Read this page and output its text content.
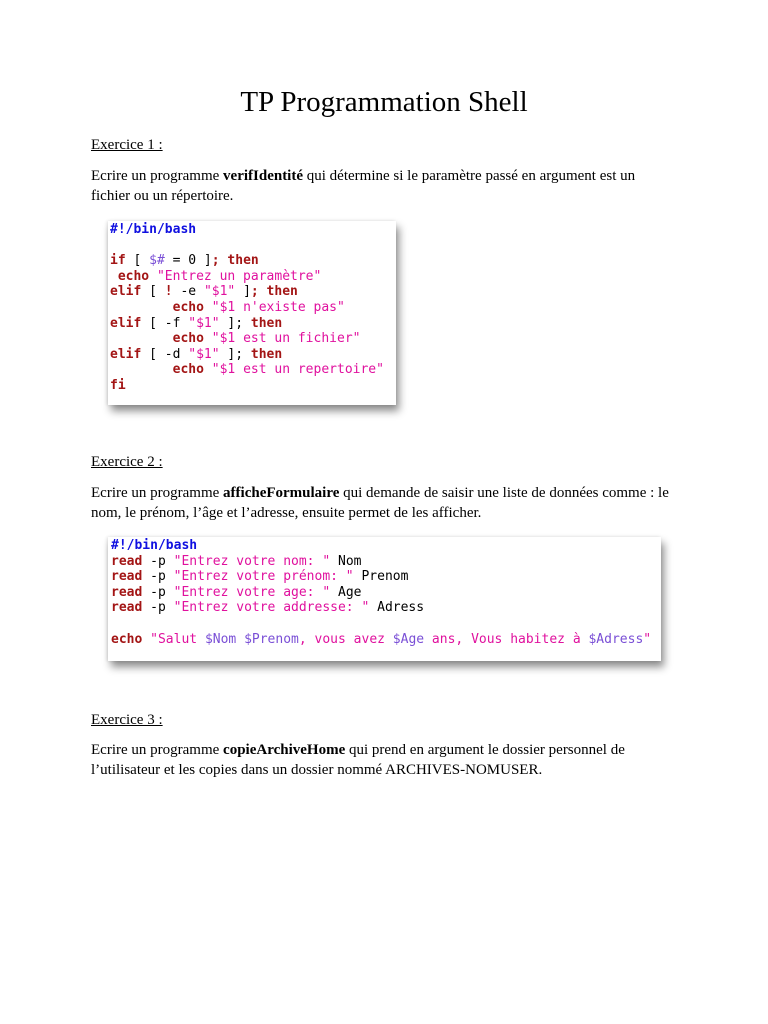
TP Programmation Shell
Exercice 1 :
Ecrire un programme verifIdentité qui détermine si le paramètre passé en argument est un fichier ou un répertoire.
#!/bin/bash

if [ $# = 0 ]; then
echo "Entrez un paramètre"
elif [ ! -e "$1" ]; then
echo "$1 n'existe pas"
elif [ -f "$1" ]; then
echo "$1 est un fichier"
elif [ -d "$1" ]; then
echo "$1 est un repertoire"
fi
Exercice 2 :
Ecrire un programme afficheFormulaire qui demande de saisir une liste de données comme : le nom, le prénom, l’âge et l’adresse, ensuite permet de les afficher.
#!/bin/bash
read -p "Entrez votre nom: " Nom
read -p "Entrez votre prénom: " Prenom
read -p "Entrez votre age: " Age
read -p "Entrez votre addresse: " Adress

echo "Salut $Nom $Prenom, vous avez $Age ans, Vous habitez à $Adress"
Exercice 3 :
Ecrire un programme copieArchiveHome qui prend en argument le dossier personnel de l’utilisateur et les copies dans un dossier nommé ARCHIVES-NOMUSER.
